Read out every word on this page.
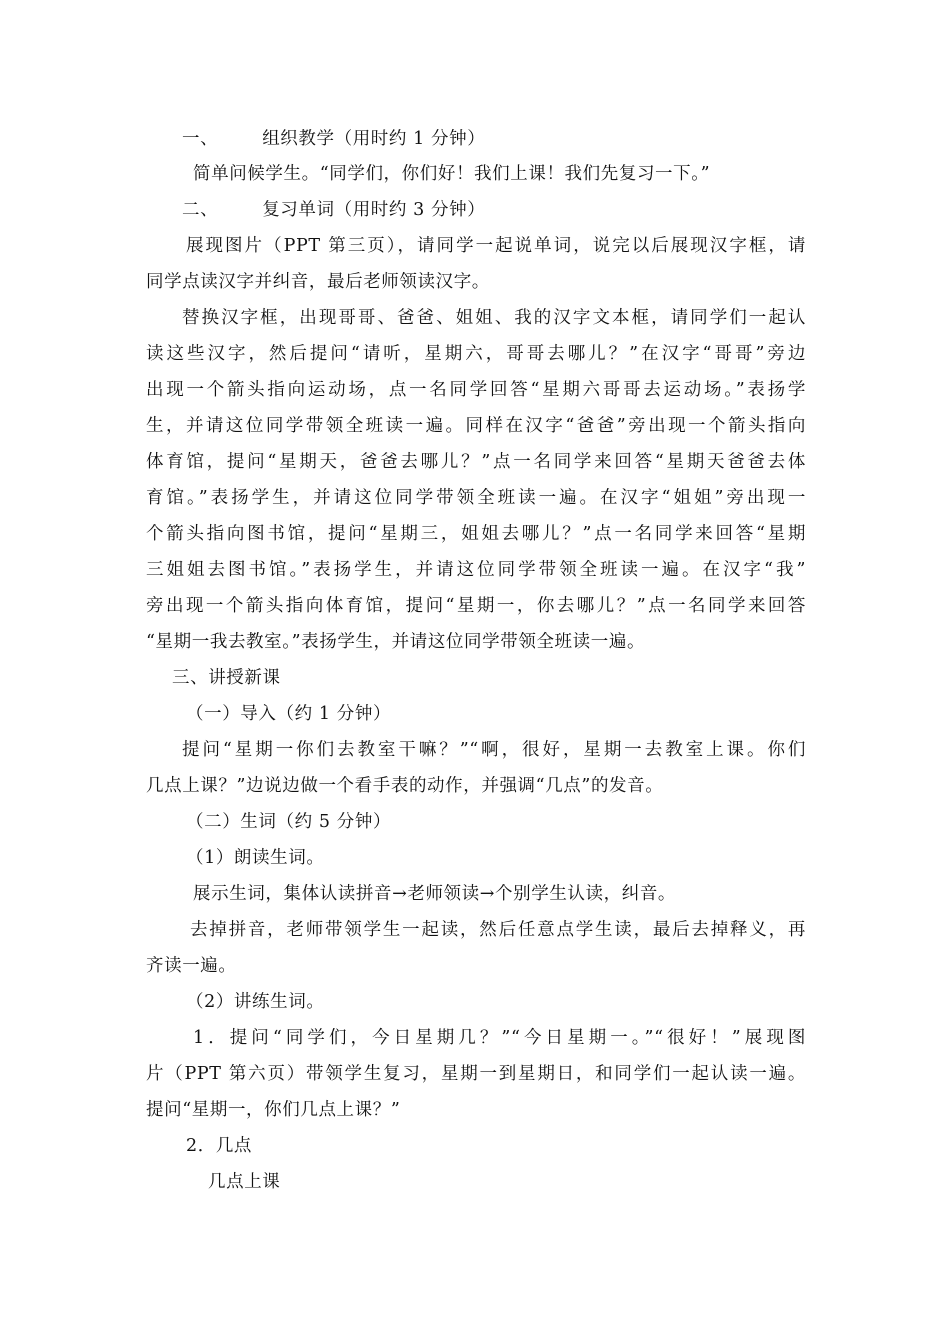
一、	组织教学（用时约 1 分钟）
简单问候学生。“同学们，你们好！我们上课！我们先复习一下。”
二、	复习单词（用时约 3 分钟）
展现图片（PPT 第三页），请同学一起说单词，说完以后展现汉字框，请
同学点读汉字并纠音，最后老师领读汉字。
替换汉字框，出现哥哥、爸爸、姐姐、我的汉字文本框，请同学们一起认
读这些汉字，然后提问“请听，星期六，哥哥去哪儿？”在汉字“哥哥”旁边
出现一个箭头指向运动场，点一名同学回答“星期六哥哥去运动场。”表扬学
生，并请这位同学带领全班读一遍。同样在汉字“爸爸”旁出现一个箭头指向
体育馆，提问“星期天，爸爸去哪儿？”点一名同学来回答“星期天爸爸去体
育馆。”表扬学生，并请这位同学带领全班读一遍。在汉字“姐姐”旁出现一
个箭头指向图书馆，提问“星期三，姐姐去哪儿？”点一名同学来回答“星期
三姐姐去图书馆。”表扬学生，并请这位同学带领全班读一遍。在汉字“我”
旁出现一个箭头指向体育馆，提问“星期一，你去哪儿？”点一名同学来回答
“星期一我去教室。”表扬学生，并请这位同学带领全班读一遍。
三、讲授新课
（一）导入（约 1 分钟）
提问“星期一你们去教室干嘛？”“啊，很好，星期一去教室上课。你们
几点上课？”边说边做一个看手表的动作，并强调“几点”的发音。
（二）生词（约 5 分钟）
（1）朗读生词。
展示生词，集体认读拼音→老师领读→个别学生认读，纠音。
去掉拼音，老师带领学生一起读，然后任意点学生读，最后去掉释义，再
齐读一遍。
（2）讲练生词。
1．提问“同学们，今日星期几？”“今日星期一。”“很好！”展现图
片（PPT 第六页）带领学生复习，星期一到星期日，和同学们一起认读一遍。
提问“星期一，你们几点上课？”
2．几点
几点上课
